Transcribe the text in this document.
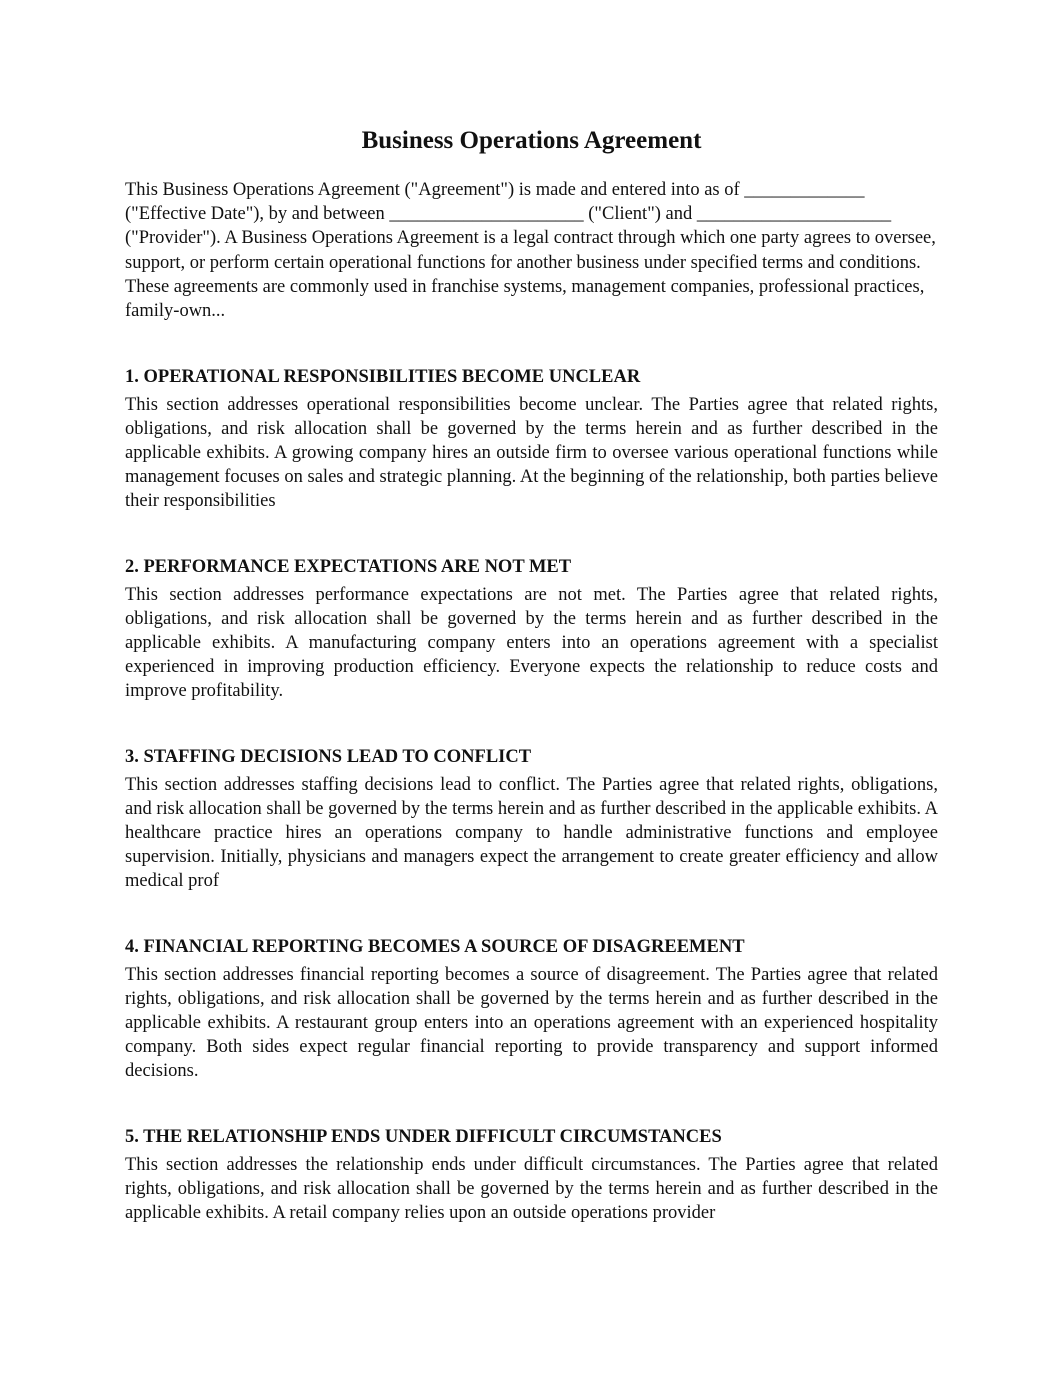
Business Operations Agreement

This Business Operations Agreement ("Agreement") is made and entered into as of _____________ ("Effective Date"), by and between _____________________ ("Client") and _____________________ ("Provider"). A Business Operations Agreement is a legal contract through which one party agrees to oversee, support, or perform certain operational functions for another business under specified terms and conditions. These agreements are commonly used in franchise systems, management companies, professional practices, family-own...

1. OPERATIONAL RESPONSIBILITIES BECOME UNCLEAR

This section addresses operational responsibilities become unclear. The Parties agree that related rights, obligations, and risk allocation shall be governed by the terms herein and as further described in the applicable exhibits. A growing company hires an outside firm to oversee various operational functions while management focuses on sales and strategic planning. At the beginning of the relationship, both parties believe their responsibilities

2. PERFORMANCE EXPECTATIONS ARE NOT MET

This section addresses performance expectations are not met. The Parties agree that related rights, obligations, and risk allocation shall be governed by the terms herein and as further described in the applicable exhibits. A manufacturing company enters into an operations agreement with a specialist experienced in improving production efficiency. Everyone expects the relationship to reduce costs and improve profitability.

3. STAFFING DECISIONS LEAD TO CONFLICT

This section addresses staffing decisions lead to conflict. The Parties agree that related rights, obligations, and risk allocation shall be governed by the terms herein and as further described in the applicable exhibits. A healthcare practice hires an operations company to handle administrative functions and employee supervision. Initially, physicians and managers expect the arrangement to create greater efficiency and allow medical prof

4. FINANCIAL REPORTING BECOMES A SOURCE OF DISAGREEMENT

This section addresses financial reporting becomes a source of disagreement. The Parties agree that related rights, obligations, and risk allocation shall be governed by the terms herein and as further described in the applicable exhibits. A restaurant group enters into an operations agreement with an experienced hospitality company. Both sides expect regular financial reporting to provide transparency and support informed decisions.

5. THE RELATIONSHIP ENDS UNDER DIFFICULT CIRCUMSTANCES

This section addresses the relationship ends under difficult circumstances. The Parties agree that related rights, obligations, and risk allocation shall be governed by the terms herein and as further described in the applicable exhibits. A retail company relies upon an outside operations provider
